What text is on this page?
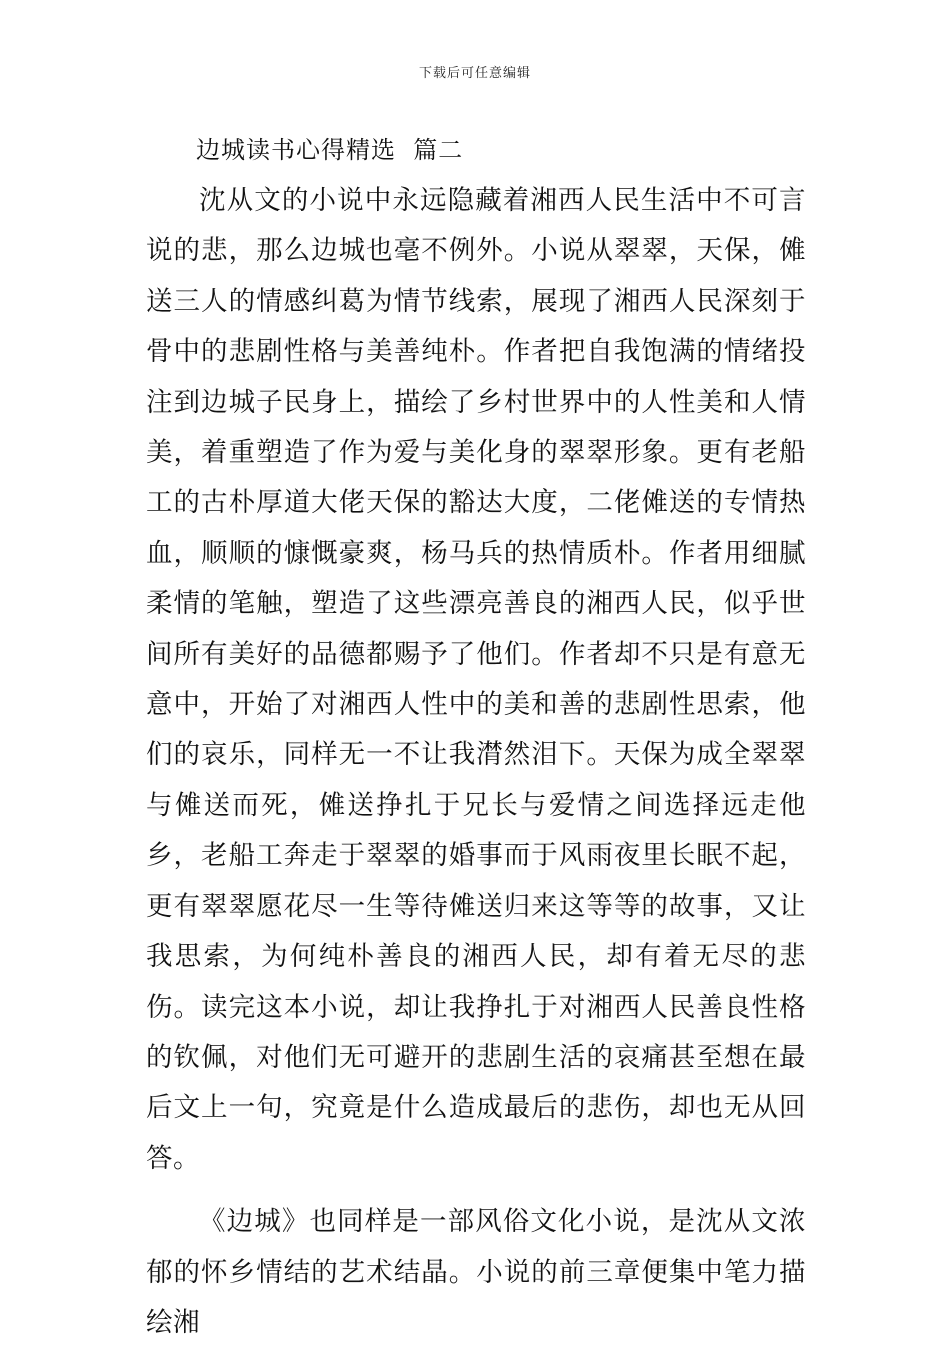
下载后可任意编辑
边城读书心得精选  篇二

沈从文的小说中永远隐藏着湘西人民生活中不可言说的悲，那么边城也毫不例外。小说从翠翠，天保，傩送三人的情感纠葛为情节线索，展现了湘西人民深刻于骨中的悲剧性格与美善纯朴。作者把自我饱满的情绪投注到边城子民身上，描绘了乡村世界中的人性美和人情美，着重塑造了作为爱与美化身的翠翠形象。更有老船工的古朴厚道大佬天保的豁达大度，二佬傩送的专情热血，顺顺的慷慨豪爽，杨马兵的热情质朴。作者用细腻柔情的笔触，塑造了这些漂亮善良的湘西人民，似乎世间所有美好的品德都赐予了他们。作者却不只是有意无意中，开始了对湘西人性中的美和善的悲剧性思索，他们的哀乐，同样无一不让我潸然泪下。天保为成全翠翠与傩送而死，傩送挣扎于兄长与爱情之间选择远走他乡，老船工奔走于翠翠的婚事而于风雨夜里长眠不起，更有翠翠愿花尽一生等待傩送归来这等等的故事，又让我思索，为何纯朴善良的湘西人民，却有着无尽的悲伤。读完这本小说，却让我挣扎于对湘西人民善良性格的钦佩，对他们无可避开的悲剧生活的哀痛甚至想在最后文上一句，究竟是什么造成最后的悲伤，却也无从回答。

《边城》也同样是一部风俗文化小说，是沈从文浓郁的怀乡情结的艺术结晶。小说的前三章便集中笔力描绘湘
